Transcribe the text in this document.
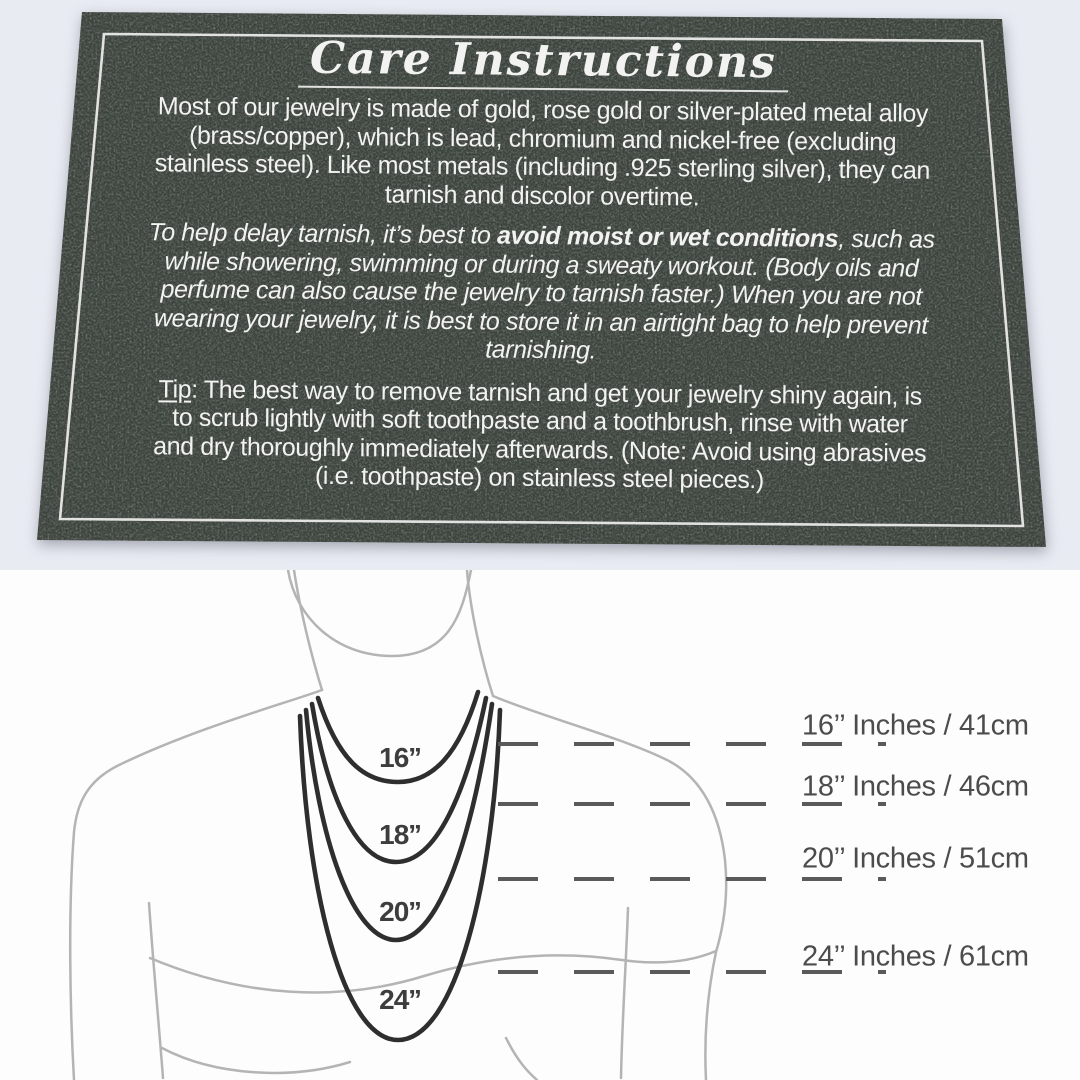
Care Instructions

Most of our jewelry is made of gold, rose gold or silver-plated metal alloy
(brass/copper), which is lead, chromium and nickel-free (excluding
stainless steel). Like most metals (including .925 sterling silver), they can
tarnish and discolor overtime.

To help delay tarnish, it’s best to avoid moist or wet conditions, such as
while showering, swimming or during a sweaty workout. (Body oils and
perfume can also cause the jewelry to tarnish faster.) When you are not
wearing your jewelry, it is best to store it in an airtight bag to help prevent
tarnishing.

Tip: The best way to remove tarnish and get your jewelry shiny again, is
to scrub lightly with soft toothpaste and a toothbrush, rinse with water
and dry thoroughly immediately afterwards. (Note: Avoid using abrasives
(i.e. toothpaste) on stainless steel pieces.)

16’’
18’’
20’’
24’’
16’’ Inches / 41cm
18’’ Inches / 46cm
20’’ Inches / 51cm
24’’ Inches / 61cm
